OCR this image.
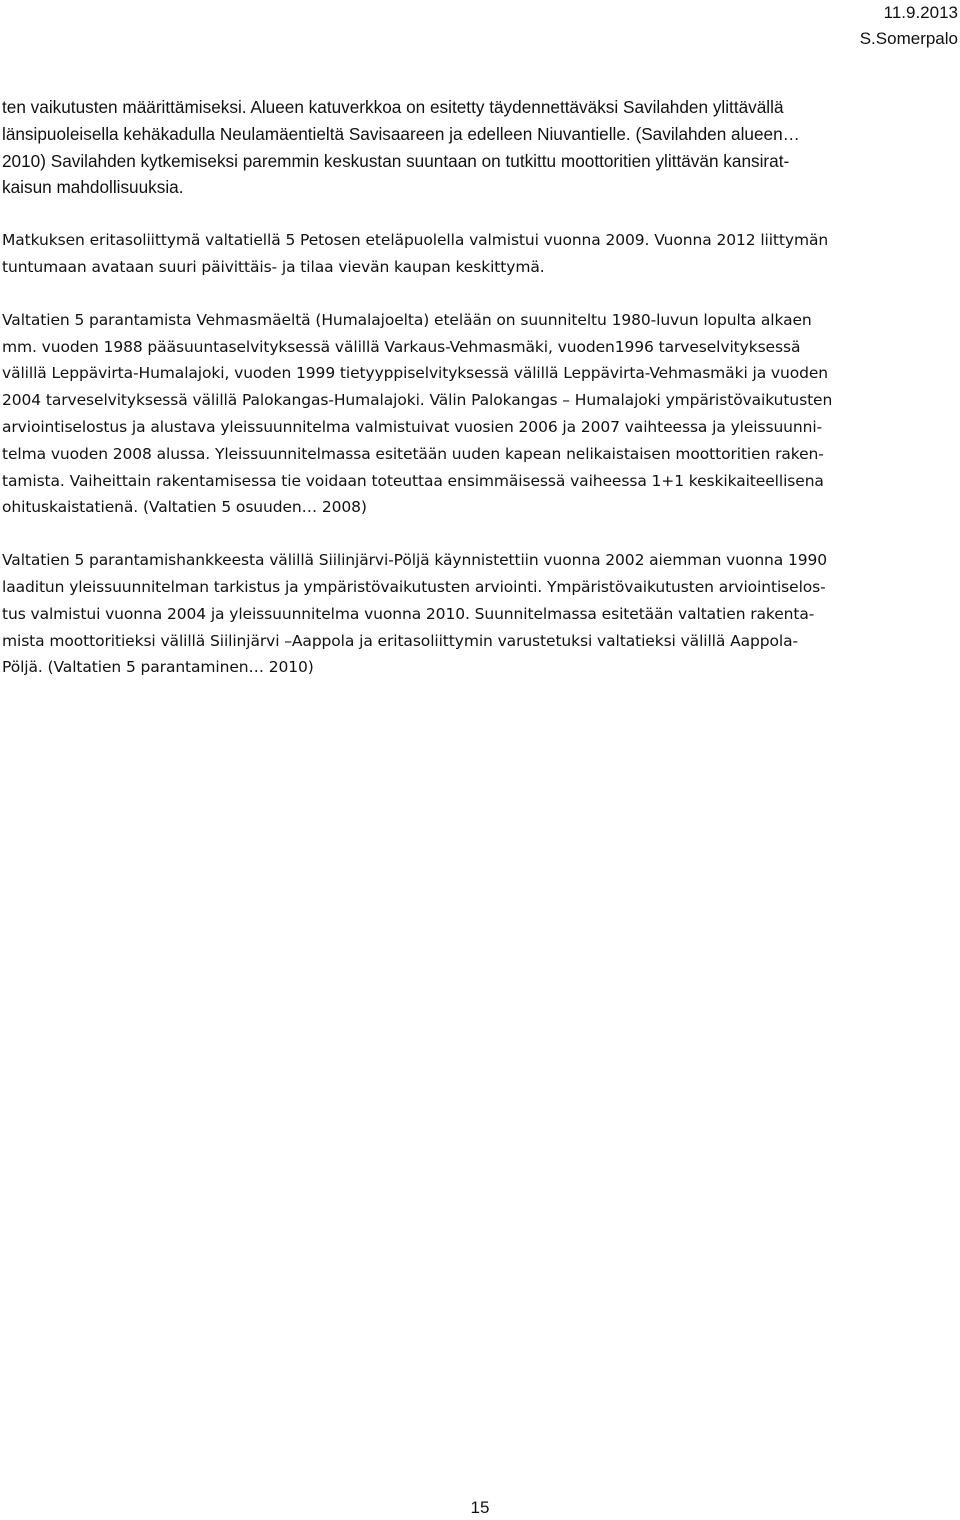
11.9.2013
S.Somerpalo

ten vaikutusten määrittämiseksi. Alueen katuverkkoa on esitetty täydennettäväksi Savilahden ylittävällä
länsipuoleisella kehäkadulla Neulamäentieltä Savisaareen ja edelleen Niuvantielle. (Savilahden alueen…
2010) Savilahden kytkemiseksi paremmin keskustan suuntaan on tutkittu moottoritien ylittävän kansirat-
kaisun mahdollisuuksia.

Matkuksen eritasoliittymä valtatiellä 5 Petosen eteläpuolella valmistui vuonna 2009. Vuonna 2012 liittymän
tuntumaan avataan suuri päivittäis- ja tilaa vievän kaupan keskittymä.

Valtatien 5 parantamista Vehmasmäeltä (Humalajoelta) etelään on suunniteltu 1980-luvun lopulta alkaen
mm. vuoden 1988 pääsuuntaselvityksessä välillä Varkaus-Vehmasmäki, vuoden1996 tarveselvityksessä
välillä Leppävirta-Humalajoki, vuoden 1999 tietyyppiselvityksessä välillä Leppävirta-Vehmasmäki ja vuoden
2004 tarveselvityksessä välillä Palokangas-Humalajoki. Välin Palokangas – Humalajoki ympäristövaikutusten
arviointiselostus ja alustava yleissuunnitelma valmistuivat vuosien 2006 ja 2007 vaihteessa ja yleissuunni-
telma vuoden 2008 alussa. Yleissuunnitelmassa esitetään uuden kapean nelikaistaisen moottoritien raken-
tamista. Vaiheittain rakentamisessa tie voidaan toteuttaa ensimmäisessä vaiheessa 1+1 keskikaiteellisena
ohituskaistatienä. (Valtatien 5 osuuden… 2008)

Valtatien 5 parantamishankkeesta välillä Siilinjärvi-Pöljä käynnistettiin vuonna 2002 aiemman vuonna 1990
laaditun yleissuunnitelman tarkistus ja ympäristövaikutusten arviointi. Ympäristövaikutusten arviointiselos-
tus valmistui vuonna 2004 ja yleissuunnitelma vuonna 2010. Suunnitelmassa esitetään valtatien rakenta-
mista moottoritieksi välillä Siilinjärvi –Aappola ja eritasoliittymin varustetuksi valtatieksi välillä Aappola-
Pöljä. (Valtatien 5 parantaminen… 2010)

15
